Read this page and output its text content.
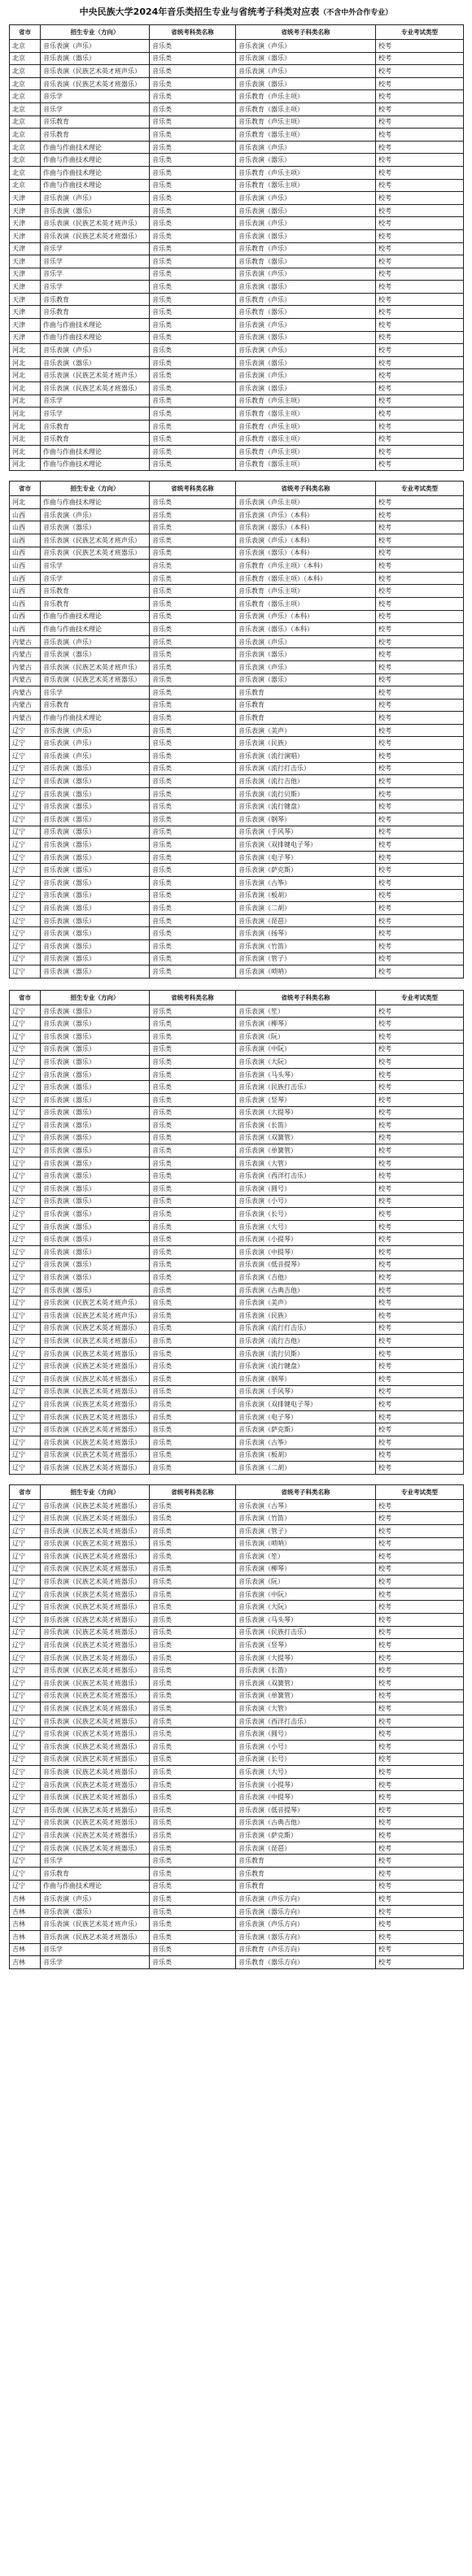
中央民族大学2024年音乐类招生专业与省统考子科类对应表（不含中外合作专业）
省市	招生专业（方向）	省统考科类名称	省统考子科类名称	专业考试类型
北京	音乐表演（声乐）	音乐类	音乐表演（声乐）	校考
北京	音乐表演（器乐）	音乐类	音乐表演（器乐）	校考
北京	音乐表演（民族艺术英才班声乐）	音乐类	音乐表演（声乐）	校考
北京	音乐表演（民族艺术英才班器乐）	音乐类	音乐表演（器乐）	校考
北京	音乐学	音乐类	音乐教育（声乐主项）	校考
北京	音乐学	音乐类	音乐教育（器乐主项）	校考
北京	音乐教育	音乐类	音乐教育（声乐主项）	校考
北京	音乐教育	音乐类	音乐教育（器乐主项）	校考
北京	作曲与作曲技术理论	音乐类	音乐表演（声乐）	校考
北京	作曲与作曲技术理论	音乐类	音乐表演（器乐）	校考
北京	作曲与作曲技术理论	音乐类	音乐教育（声乐主项）	校考
北京	作曲与作曲技术理论	音乐类	音乐教育（器乐主项）	校考
天津	音乐表演（声乐）	音乐类	音乐表演（声乐）	校考
天津	音乐表演（器乐）	音乐类	音乐表演（器乐）	校考
天津	音乐表演（民族艺术英才班声乐）	音乐类	音乐表演（声乐）	校考
天津	音乐表演（民族艺术英才班器乐）	音乐类	音乐表演（器乐）	校考
天津	音乐学	音乐类	音乐教育（声乐）	校考
天津	音乐学	音乐类	音乐教育（器乐）	校考
天津	音乐学	音乐类	音乐表演（声乐）	校考
天津	音乐学	音乐类	音乐表演（器乐）	校考
天津	音乐教育	音乐类	音乐教育（声乐）	校考
天津	音乐教育	音乐类	音乐教育（器乐）	校考
天津	作曲与作曲技术理论	音乐类	音乐表演（声乐）	校考
天津	作曲与作曲技术理论	音乐类	音乐表演（器乐）	校考
河北	音乐表演（声乐）	音乐类	音乐表演（声乐）	校考
河北	音乐表演（器乐）	音乐类	音乐表演（器乐）	校考
河北	音乐表演（民族艺术英才班声乐）	音乐类	音乐表演（声乐）	校考
河北	音乐表演（民族艺术英才班器乐）	音乐类	音乐表演（器乐）	校考
河北	音乐学	音乐类	音乐教育（声乐主项）	校考
河北	音乐学	音乐类	音乐教育（器乐主项）	校考
河北	音乐教育	音乐类	音乐教育（声乐主项）	校考
河北	音乐教育	音乐类	音乐教育（器乐主项）	校考
河北	作曲与作曲技术理论	音乐类	音乐教育（声乐主项）	校考
河北	作曲与作曲技术理论	音乐类	音乐教育（器乐主项）	校考
省市	招生专业（方向）	省统考科类名称	省统考子科类名称	专业考试类型
河北	作曲与作曲技术理论	音乐类	音乐表演（声乐主项）	校考
山西	音乐表演（声乐）	音乐类	音乐表演（声乐）（本科）	校考
山西	音乐表演（器乐）	音乐类	音乐表演（器乐）（本科）	校考
山西	音乐表演（民族艺术英才班声乐）	音乐类	音乐表演（声乐）（本科）	校考
山西	音乐表演（民族艺术英才班器乐）	音乐类	音乐表演（器乐）（本科）	校考
山西	音乐学	音乐类	音乐教育（声乐主项）（本科）	校考
山西	音乐学	音乐类	音乐教育（器乐主项）（本科）	校考
山西	音乐教育	音乐类	音乐教育（声乐主项）	校考
山西	音乐教育	音乐类	音乐教育（器乐主项）	校考
山西	作曲与作曲技术理论	音乐类	音乐表演（声乐）（本科）	校考
山西	作曲与作曲技术理论	音乐类	音乐表演（器乐）（本科）	校考
内蒙古	音乐表演（声乐）	音乐类	音乐表演（声乐）	校考
内蒙古	音乐表演（器乐）	音乐类	音乐表演（器乐）	校考
内蒙古	音乐表演（民族艺术英才班声乐）	音乐类	音乐表演（声乐）	校考
内蒙古	音乐表演（民族艺术英才班器乐）	音乐类	音乐表演（器乐）	校考
内蒙古	音乐学	音乐类	音乐教育	校考
内蒙古	音乐教育	音乐类	音乐教育	校考
内蒙古	作曲与作曲技术理论	音乐类	音乐教育	校考
辽宁	音乐表演（声乐）	音乐类	音乐表演（美声）	校考
辽宁	音乐表演（声乐）	音乐类	音乐表演（民族）	校考
辽宁	音乐表演（声乐）	音乐类	音乐表演（流行演唱）	校考
辽宁	音乐表演（器乐）	音乐类	音乐表演（流行打击乐）	校考
辽宁	音乐表演（器乐）	音乐类	音乐表演（流行吉他）	校考
辽宁	音乐表演（器乐）	音乐类	音乐表演（流行贝斯）	校考
辽宁	音乐表演（器乐）	音乐类	音乐表演（流行键盘）	校考
辽宁	音乐表演（器乐）	音乐类	音乐表演（钢琴）	校考
辽宁	音乐表演（器乐）	音乐类	音乐表演（手风琴）	校考
辽宁	音乐表演（器乐）	音乐类	音乐表演（双排键电子琴）	校考
辽宁	音乐表演（器乐）	音乐类	音乐表演（电子琴）	校考
辽宁	音乐表演（器乐）	音乐类	音乐表演（萨克斯）	校考
辽宁	音乐表演（器乐）	音乐类	音乐表演（古筝）	校考
辽宁	音乐表演（器乐）	音乐类	音乐表演（板胡）	校考
辽宁	音乐表演（器乐）	音乐类	音乐表演（二胡）	校考
辽宁	音乐表演（器乐）	音乐类	音乐表演（琵琶）	校考
辽宁	音乐表演（器乐）	音乐类	音乐表演（扬琴）	校考
辽宁	音乐表演（器乐）	音乐类	音乐表演（竹笛）	校考
辽宁	音乐表演（器乐）	音乐类	音乐表演（管子）	校考
辽宁	音乐表演（器乐）	音乐类	音乐表演（唢呐）	校考
省市	招生专业（方向）	省统考科类名称	省统考子科类名称	专业考试类型
辽宁	音乐表演（器乐）	音乐类	音乐表演（笙）	校考
辽宁	音乐表演（器乐）	音乐类	音乐表演（柳琴）	校考
辽宁	音乐表演（器乐）	音乐类	音乐表演（阮）	校考
辽宁	音乐表演（器乐）	音乐类	音乐表演（中阮）	校考
辽宁	音乐表演（器乐）	音乐类	音乐表演（大阮）	校考
辽宁	音乐表演（器乐）	音乐类	音乐表演（马头琴）	校考
辽宁	音乐表演（器乐）	音乐类	音乐表演（民族打击乐）	校考
辽宁	音乐表演（器乐）	音乐类	音乐表演（竖琴）	校考
辽宁	音乐表演（器乐）	音乐类	音乐表演（大提琴）	校考
辽宁	音乐表演（器乐）	音乐类	音乐表演（长笛）	校考
辽宁	音乐表演（器乐）	音乐类	音乐表演（双簧管）	校考
辽宁	音乐表演（器乐）	音乐类	音乐表演（单簧管）	校考
辽宁	音乐表演（器乐）	音乐类	音乐表演（大管）	校考
辽宁	音乐表演（器乐）	音乐类	音乐表演（西洋打击乐）	校考
辽宁	音乐表演（器乐）	音乐类	音乐表演（圆号）	校考
辽宁	音乐表演（器乐）	音乐类	音乐表演（小号）	校考
辽宁	音乐表演（器乐）	音乐类	音乐表演（长号）	校考
辽宁	音乐表演（器乐）	音乐类	音乐表演（大号）	校考
辽宁	音乐表演（器乐）	音乐类	音乐表演（小提琴）	校考
辽宁	音乐表演（器乐）	音乐类	音乐表演（中提琴）	校考
辽宁	音乐表演（器乐）	音乐类	音乐表演（低音提琴）	校考
辽宁	音乐表演（器乐）	音乐类	音乐表演（吉他）	校考
辽宁	音乐表演（器乐）	音乐类	音乐表演（古典吉他）	校考
辽宁	音乐表演（民族艺术英才班声乐）	音乐类	音乐表演（美声）	校考
辽宁	音乐表演（民族艺术英才班声乐）	音乐类	音乐表演（民族）	校考
辽宁	音乐表演（民族艺术英才班器乐）	音乐类	音乐表演（流行打击乐）	校考
辽宁	音乐表演（民族艺术英才班器乐）	音乐类	音乐表演（流行吉他）	校考
辽宁	音乐表演（民族艺术英才班器乐）	音乐类	音乐表演（流行贝斯）	校考
辽宁	音乐表演（民族艺术英才班器乐）	音乐类	音乐表演（流行键盘）	校考
辽宁	音乐表演（民族艺术英才班器乐）	音乐类	音乐表演（钢琴）	校考
辽宁	音乐表演（民族艺术英才班器乐）	音乐类	音乐表演（手风琴）	校考
辽宁	音乐表演（民族艺术英才班器乐）	音乐类	音乐表演（双排键电子琴）	校考
辽宁	音乐表演（民族艺术英才班器乐）	音乐类	音乐表演（电子琴）	校考
辽宁	音乐表演（民族艺术英才班器乐）	音乐类	音乐表演（萨克斯）	校考
辽宁	音乐表演（民族艺术英才班器乐）	音乐类	音乐表演（古筝）	校考
辽宁	音乐表演（民族艺术英才班器乐）	音乐类	音乐表演（板胡）	校考
辽宁	音乐表演（民族艺术英才班器乐）	音乐类	音乐表演（二胡）	校考
省市	招生专业（方向）	省统考科类名称	省统考子科类名称	专业考试类型
辽宁	音乐表演（民族艺术英才班器乐）	音乐类	音乐表演（古琴）	校考
辽宁	音乐表演（民族艺术英才班器乐）	音乐类	音乐表演（竹笛）	校考
辽宁	音乐表演（民族艺术英才班器乐）	音乐类	音乐表演（管子）	校考
辽宁	音乐表演（民族艺术英才班器乐）	音乐类	音乐表演（唢呐）	校考
辽宁	音乐表演（民族艺术英才班器乐）	音乐类	音乐表演（笙）	校考
辽宁	音乐表演（民族艺术英才班器乐）	音乐类	音乐表演（柳琴）	校考
辽宁	音乐表演（民族艺术英才班器乐）	音乐类	音乐表演（阮）	校考
辽宁	音乐表演（民族艺术英才班器乐）	音乐类	音乐表演（中阮）	校考
辽宁	音乐表演（民族艺术英才班器乐）	音乐类	音乐表演（大阮）	校考
辽宁	音乐表演（民族艺术英才班器乐）	音乐类	音乐表演（马头琴）	校考
辽宁	音乐表演（民族艺术英才班器乐）	音乐类	音乐表演（民族打击乐）	校考
辽宁	音乐表演（民族艺术英才班器乐）	音乐类	音乐表演（竖琴）	校考
辽宁	音乐表演（民族艺术英才班器乐）	音乐类	音乐表演（大提琴）	校考
辽宁	音乐表演（民族艺术英才班器乐）	音乐类	音乐表演（长笛）	校考
辽宁	音乐表演（民族艺术英才班器乐）	音乐类	音乐表演（双簧管）	校考
辽宁	音乐表演（民族艺术英才班器乐）	音乐类	音乐表演（单簧管）	校考
辽宁	音乐表演（民族艺术英才班器乐）	音乐类	音乐表演（大管）	校考
辽宁	音乐表演（民族艺术英才班器乐）	音乐类	音乐表演（西洋打击乐）	校考
辽宁	音乐表演（民族艺术英才班器乐）	音乐类	音乐表演（圆号）	校考
辽宁	音乐表演（民族艺术英才班器乐）	音乐类	音乐表演（小号）	校考
辽宁	音乐表演（民族艺术英才班器乐）	音乐类	音乐表演（长号）	校考
辽宁	音乐表演（民族艺术英才班器乐）	音乐类	音乐表演（大号）	校考
辽宁	音乐表演（民族艺术英才班器乐）	音乐类	音乐表演（小提琴）	校考
辽宁	音乐表演（民族艺术英才班器乐）	音乐类	音乐表演（中提琴）	校考
辽宁	音乐表演（民族艺术英才班器乐）	音乐类	音乐表演（低音提琴）	校考
辽宁	音乐表演（民族艺术英才班器乐）	音乐类	音乐表演（古典吉他）	校考
辽宁	音乐表演（民族艺术英才班器乐）	音乐类	音乐表演（萨克斯）	校考
辽宁	音乐表演（民族艺术英才班器乐）	音乐类	音乐表演（琵琶）	校考
辽宁	音乐学	音乐类	音乐教育	校考
辽宁	音乐教育	音乐类	音乐教育	校考
辽宁	作曲与作曲技术理论	音乐类	音乐教育	校考
吉林	音乐表演（声乐）	音乐类	音乐表演（声乐方向）	校考
吉林	音乐表演（器乐）	音乐类	音乐表演（器乐方向）	校考
吉林	音乐表演（民族艺术英才班声乐）	音乐类	音乐表演（声乐方向）	校考
吉林	音乐表演（民族艺术英才班器乐）	音乐类	音乐表演（器乐方向）	校考
吉林	音乐学	音乐类	音乐教育（声乐方向）	校考
吉林	音乐学	音乐类	音乐教育（器乐方向）	校考
